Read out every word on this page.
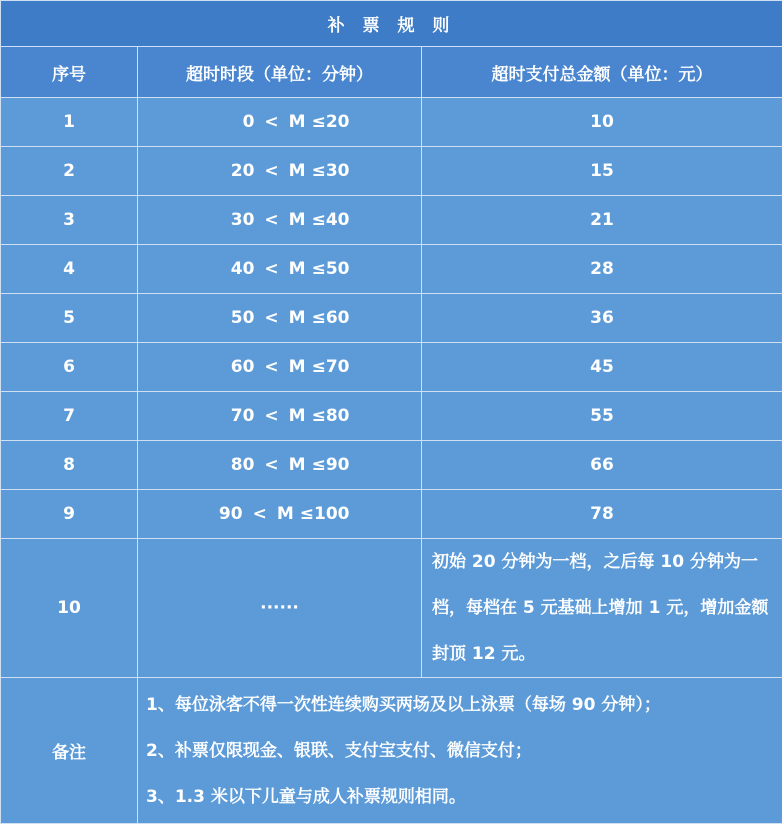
补 票 规 则		
序号	超时时段（单位：分钟）	超时支付总金额（单位：元）
1	0 < M ≤20	10
2	20 < M ≤30	15
3	30 < M ≤40	21
4	40 < M ≤50	28
5	50 < M ≤60	36
6	60 < M ≤70	45
7	70 < M ≤80	55
8	80 < M ≤90	66
9	90 < M ≤100	78
10	······	初始 20 分钟为一档，之后每 10 分钟为一档，每档在 5 元基础上增加 1 元，增加金额封顶 12 元。
备注	1、每位泳客不得一次性连续购买两场及以上泳票（每场 90 分钟）；
2、补票仅限现金、银联、支付宝支付、微信支付；
3、1.3 米以下儿童与成人补票规则相同。	
